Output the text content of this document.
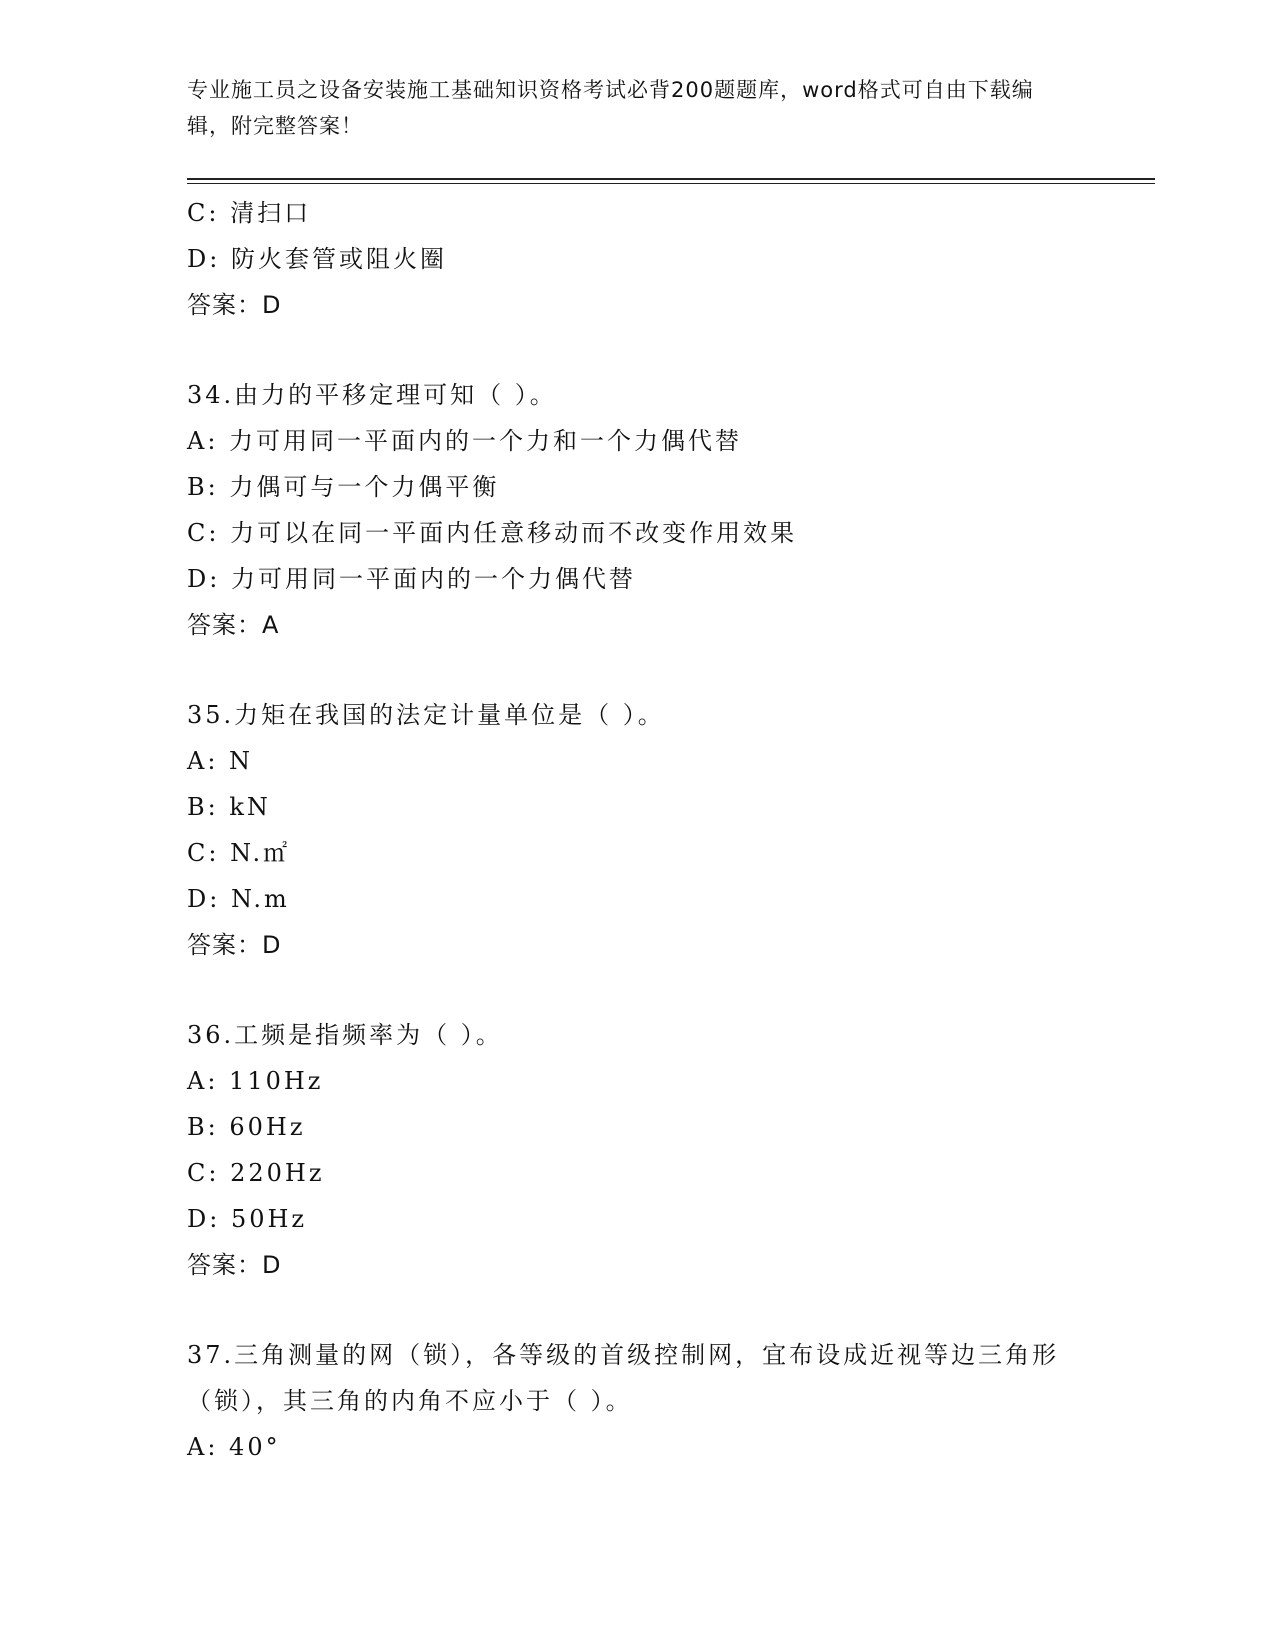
专业施工员之设备安装施工基础知识资格考试必背200题题库，word格式可自由下载编辑，附完整答案！
C: 清扫口
D: 防火套管或阻火圈
答案：D
34.由力的平移定理可知（ ）。
A: 力可用同一平面内的一个力和一个力偶代替
B: 力偶可与一个力偶平衡
C: 力可以在同一平面内任意移动而不改变作用效果
D: 力可用同一平面内的一个力偶代替
答案：A
35.力矩在我国的法定计量单位是（ ）。
A: N
B: kN
C: N.㎡
D: N.m
答案：D
36.工频是指频率为（ ）。
A: 110Hz
B: 60Hz
C: 220Hz
D: 50Hz
答案：D
37.三角测量的网（锁），各等级的首级控制网，宜布设成近视等边三角形（锁），其三角的内角不应小于（ ）。
A: 40°
